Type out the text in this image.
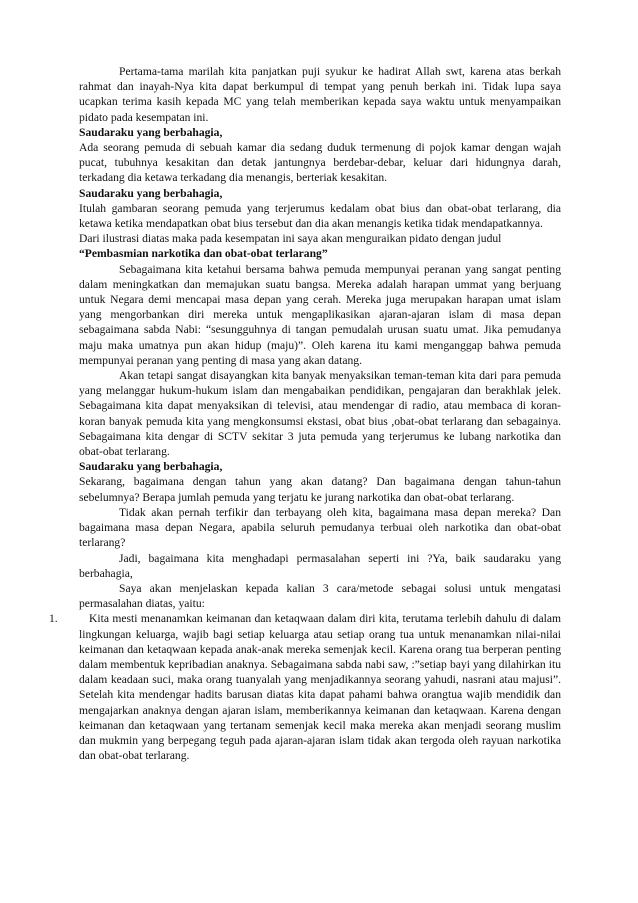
Pertama-tama marilah kita panjatkan puji syukur ke hadirat Allah swt, karena atas berkah rahmat dan inayah-Nya kita dapat berkumpul di tempat yang penuh berkah ini. Tidak lupa saya ucapkan terima kasih kepada MC yang telah memberikan kepada saya waktu untuk menyampaikan pidato pada kesempatan ini.

Saudaraku yang berbahagia,

Ada seorang pemuda di sebuah kamar dia sedang duduk termenung di pojok kamar dengan wajah pucat, tubuhnya kesakitan dan detak jantungnya berdebar-debar, keluar dari hidungnya darah, terkadang dia ketawa terkadang dia menangis, berteriak kesakitan.

Saudaraku yang berbahagia,

Itulah gambaran seorang pemuda yang terjerumus kedalam obat bius dan obat-obat terlarang, dia ketawa ketika mendapatkan obat bius tersebut dan dia akan menangis ketika tidak mendapatkannya.

Dari ilustrasi diatas maka pada kesempatan ini saya akan menguraikan pidato dengan judul

“Pembasmian narkotika dan obat-obat terlarang”

Sebagaimana kita ketahui bersama bahwa pemuda mempunyai peranan yang sangat penting dalam meningkatkan dan memajukan suatu bangsa. Mereka adalah harapan ummat yang berjuang untuk Negara demi mencapai masa depan yang cerah. Mereka juga merupakan harapan umat islam yang mengorbankan diri mereka untuk mengaplikasikan ajaran-ajaran islam di masa depan sebagaimana sabda Nabi: “sesungguhnya di tangan pemudalah urusan suatu umat. Jika pemudanya maju maka umatnya pun akan hidup (maju)”. Oleh karena itu kami menganggap bahwa pemuda mempunyai peranan yang penting di masa yang akan datang.

Akan tetapi sangat disayangkan kita banyak menyaksikan teman-teman kita dari para pemuda yang melanggar hukum-hukum islam dan mengabaikan pendidikan, pengajaran dan berakhlak jelek. Sebagaimana kita dapat menyaksikan di televisi, atau mendengar di radio, atau membaca di koran-koran banyak pemuda kita yang mengkonsumsi ekstasi, obat bius ,obat-obat terlarang dan sebagainya. Sebagaimana kita dengar di SCTV sekitar 3 juta pemuda yang terjerumus ke lubang narkotika dan obat-obat terlarang.

Saudaraku yang berbahagia,

Sekarang, bagaimana dengan tahun yang akan datang? Dan bagaimana dengan tahun-tahun sebelumnya? Berapa jumlah pemuda yang terjatu ke jurang narkotika dan obat-obat terlarang.

Tidak akan pernah terfikir dan terbayang oleh kita, bagaimana masa depan mereka? Dan bagaimana masa depan Negara, apabila seluruh pemudanya terbuai oleh narkotika dan obat-obat terlarang?

Jadi, bagaimana kita menghadapi permasalahan seperti ini ?Ya, baik saudaraku yang berbahagia,

Saya akan menjelaskan kepada kalian 3 cara/metode sebagai solusi untuk mengatasi permasalahan diatas, yaitu:

1.	Kita mesti menanamkan keimanan dan ketaqwaan dalam diri kita, terutama terlebih dahulu di dalam lingkungan keluarga, wajib bagi setiap keluarga atau setiap orang tua untuk menanamkan nilai-nilai keimanan dan ketaqwaan kepada anak-anak mereka semenjak kecil. Karena orang tua berperan penting dalam membentuk kepribadian anaknya. Sebagaimana sabda nabi saw, :”setiap bayi yang dilahirkan itu dalam keadaan suci, maka orang tuanyalah yang menjadikannya seorang yahudi, nasrani atau majusi”. Setelah kita mendengar hadits barusan diatas kita dapat pahami bahwa orangtua wajib mendidik dan mengajarkan anaknya dengan ajaran islam, memberikannya keimanan dan ketaqwaan. Karena dengan keimanan dan ketaqwaan yang tertanam semenjak kecil maka mereka akan menjadi seorang muslim dan mukmin yang berpegang teguh pada ajaran-ajaran islam tidak akan tergoda oleh rayuan narkotika dan obat-obat terlarang.
